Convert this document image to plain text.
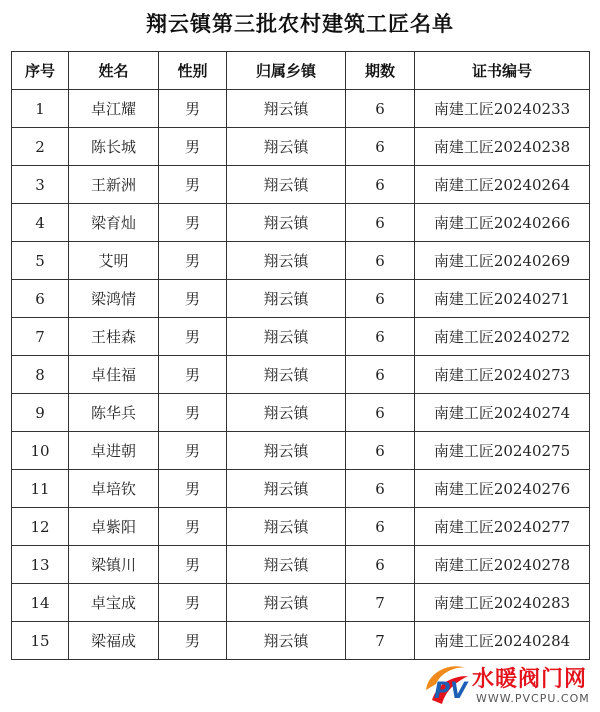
翔云镇第三批农村建筑工匠名单
序号	姓名	性别	归属乡镇	期数	证书编号
1	卓江耀	男	翔云镇	6	南建工匠20240233
2	陈长城	男	翔云镇	6	南建工匠20240238
3	王新洲	男	翔云镇	6	南建工匠20240264
4	梁育灿	男	翔云镇	6	南建工匠20240266
5	艾明	男	翔云镇	6	南建工匠20240269
6	梁鸿情	男	翔云镇	6	南建工匠20240271
7	王桂森	男	翔云镇	6	南建工匠20240272
8	卓佳福	男	翔云镇	6	南建工匠20240273
9	陈华兵	男	翔云镇	6	南建工匠20240274
10	卓进朝	男	翔云镇	6	南建工匠20240275
11	卓培钦	男	翔云镇	6	南建工匠20240276
12	卓紫阳	男	翔云镇	6	南建工匠20240277
13	梁镇川	男	翔云镇	6	南建工匠20240278
14	卓宝成	男	翔云镇	7	南建工匠20240283
15	梁福成	男	翔云镇	7	南建工匠20240284
PV 水暖阀门网
WWW.PVCPU.COM
